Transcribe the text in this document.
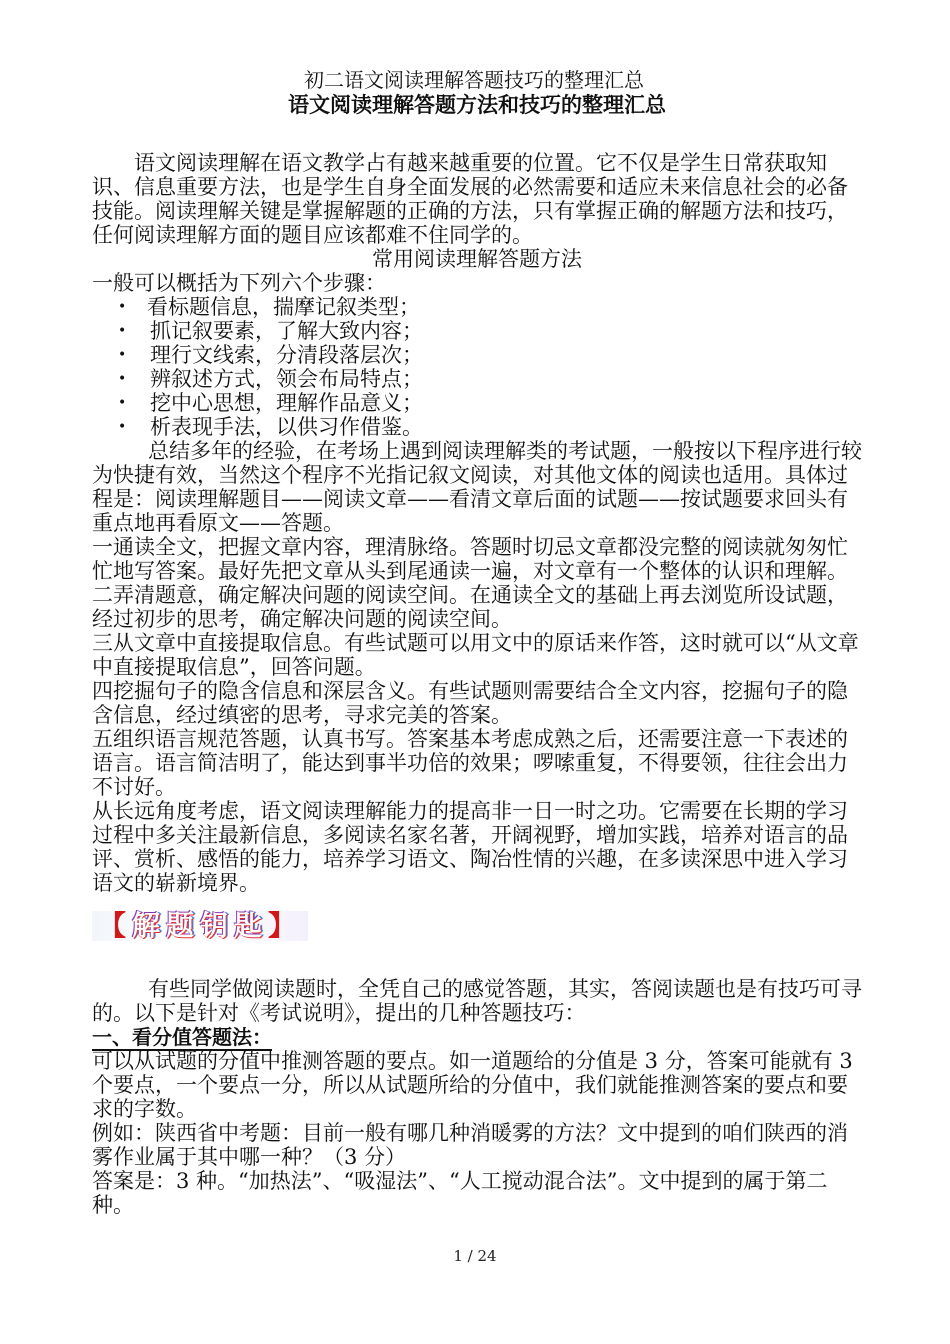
初二语文阅读理解答题技巧的整理汇总
语文阅读理解答题方法和技巧的整理汇总
语文阅读理解在语文教学占有越来越重要的位置。它不仅是学生日常获取知识、信息重要方法，也是学生自身全面发展的必然需要和适应未来信息社会的必备技能。阅读理解关键是掌握解题的正确的方法，只有掌握正确的解题方法和技巧，任何阅读理解方面的题目应该都难不住同学的。
常用阅读理解答题方法
一般可以概括为下列六个步骤：
• 看标题信息，揣摩记叙类型；
• 抓记叙要素，了解大致内容；
• 理行文线索，分清段落层次；
• 辨叙述方式，领会布局特点；
• 挖中心思想，理解作品意义；
• 析表现手法，以供习作借鉴。
总结多年的经验，在考场上遇到阅读理解类的考试题，一般按以下程序进行较为快捷有效，当然这个程序不光指记叙文阅读，对其他文体的阅读也适用。具体过程是：阅读理解题目——阅读文章——看清文章后面的试题——按试题要求回头有重点地再看原文——答题。
一通读全文，把握文章内容，理清脉络。答题时切忌文章都没完整的阅读就匆匆忙忙地写答案。最好先把文章从头到尾通读一遍，对文章有一个整体的认识和理解。
二弄清题意，确定解决问题的阅读空间。在通读全文的基础上再去浏览所设试题，经过初步的思考，确定解决问题的阅读空间。
三从文章中直接提取信息。有些试题可以用文中的原话来作答，这时就可以“从文章中直接提取信息”，回答问题。
四挖掘句子的隐含信息和深层含义。有些试题则需要结合全文内容，挖掘句子的隐含信息，经过缜密的思考，寻求完美的答案。
五组织语言规范答题，认真书写。答案基本考虑成熟之后，还需要注意一下表述的语言。语言简洁明了，能达到事半功倍的效果；啰嗦重复，不得要领，往往会出力不讨好。
从长远角度考虑，语文阅读理解能力的提高非一日一时之功。它需要在长期的学习过程中多关注最新信息，多阅读名家名著，开阔视野，增加实践，培养对语言的品评、赏析、感悟的能力，培养学习语文、陶冶性情的兴趣，在多读深思中进入学习语文的崭新境界。
【解题钥匙】
有些同学做阅读题时，全凭自己的感觉答题，其实，答阅读题也是有技巧可寻的。以下是针对《考试说明》，提出的几种答题技巧：
一、看分值答题法：
可以从试题的分值中推测答题的要点。如一道题给的分值是 3 分，答案可能就有 3 个要点，一个要点一分，所以从试题所给的分值中，我们就能推测答案的要点和要求的字数。
例如：陕西省中考题：目前一般有哪几种消暖雾的方法？文中提到的咱们陕西的消雾作业属于其中哪一种？（3 分）
答案是：3 种。“加热法”、“吸湿法”、“人工搅动混合法”。文中提到的属于第二种。
1 / 24
